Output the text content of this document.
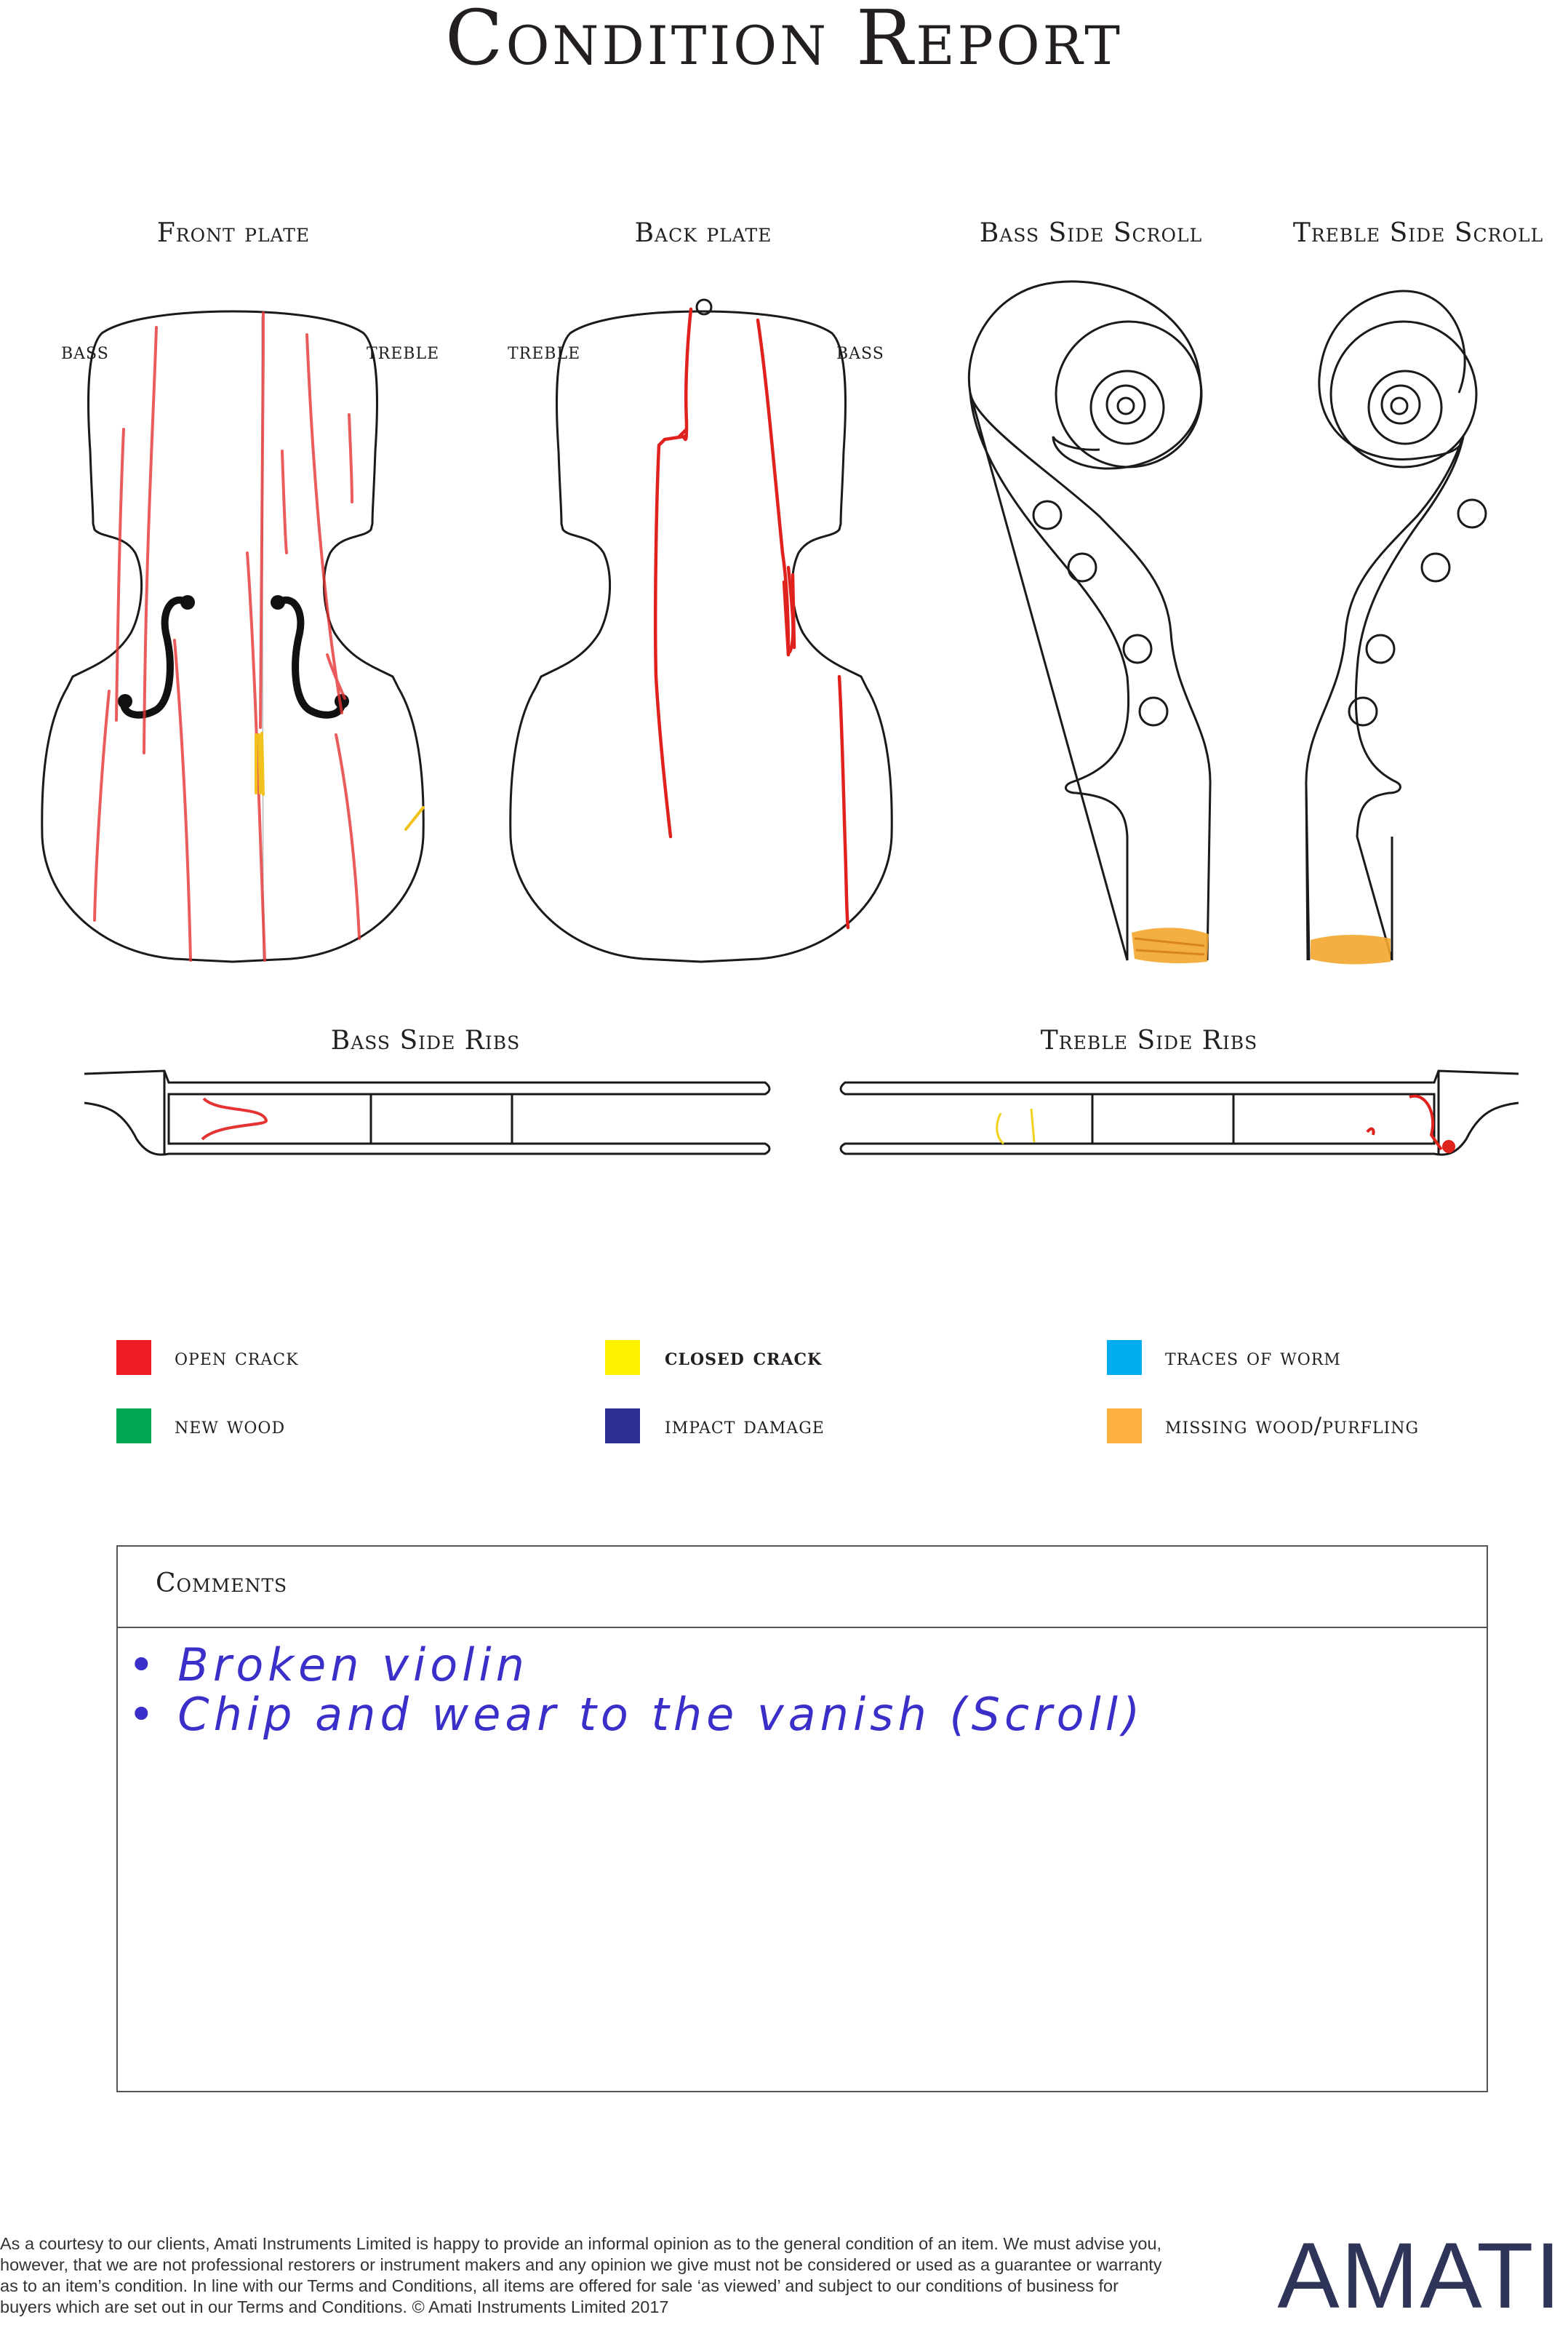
Condition Report
Front plate	Back plate	Bass Side Scroll	Treble Side Scroll
Bass Side Ribs	Treble Side Ribs
BASS	TREBLE	TREBLE	BASS
open crack	closed crack	traces of worm
new wood	impact damage	missing wood/purfling
Comments
• Broken violin
• Chip and wear to the vanish (Scroll)
As a courtesy to our clients, Amati Instruments Limited is happy to provide an informal opinion as to the general condition of an item. We must advise you, however, that we are not professional restorers or instrument makers and any opinion we give must not be considered or used as a guarantee or warranty as to an item’s condition. In line with our Terms and Conditions, all items are offered for sale ‘as viewed’ and subject to our conditions of business for buyers which are set out in our Terms and Conditions. © Amati Instruments Limited 2017	AMATI
